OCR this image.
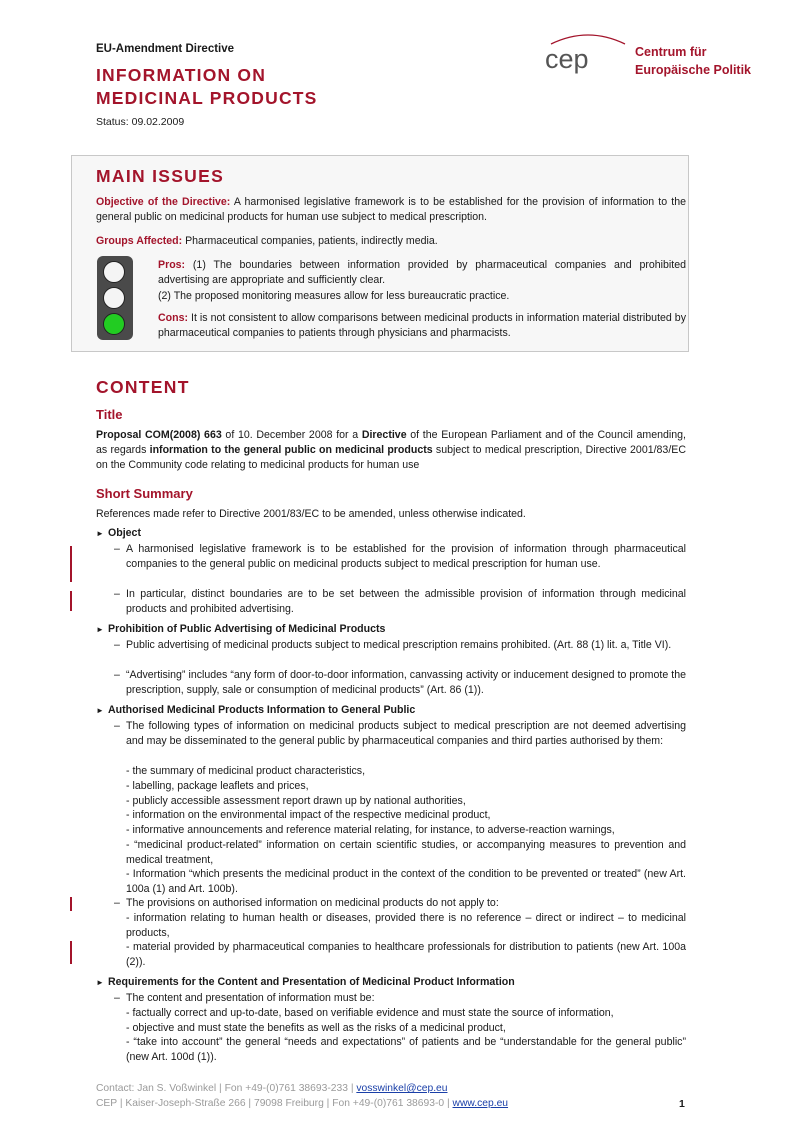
EU-Amendment Directive
INFORMATION ON
MEDICINAL PRODUCTS
Status: 09.02.2009
cep	Centrum für
Europäische Politik
MAIN ISSUES
Objective of the Directive: A harmonised legislative framework is to be established for the provision of information to the general public on medicinal products for human use subject to medical prescription.
Groups Affected: Pharmaceutical companies, patients, indirectly media.
Pros: (1) The boundaries between information provided by pharmaceutical companies and prohibited advertising are appropriate and sufficiently clear.
(2) The proposed monitoring measures allow for less bureaucratic practice.
Cons: It is not consistent to allow comparisons between medicinal products in information material distributed by pharmaceutical companies to patients through physicians and pharmacists.
CONTENT
Title
Proposal COM(2008) 663 of 10. December 2008 for a Directive of the European Parliament and of the Council amending, as regards information to the general public on medicinal products subject to medical prescription, Directive 2001/83/EC on the Community code relating to medicinal products for human use
Short Summary
References made refer to Directive 2001/83/EC to be amended, unless otherwise indicated.
► Object
– A harmonised legislative framework is to be established for the provision of information through pharmaceutical companies to the general public on medicinal products subject to medical prescription for human use.
– In particular, distinct boundaries are to be set between the admissible provision of information through medicinal products and prohibited advertising.
► Prohibition of Public Advertising of Medicinal Products
– Public advertising of medicinal products subject to medical prescription remains prohibited. (Art. 88 (1) lit. a, Title VI).
– “Advertising” includes “any form of door-to-door information, canvassing activity or inducement designed to promote the prescription, supply, sale or consumption of medicinal products” (Art. 86 (1)).
► Authorised Medicinal Products Information to General Public
– The following types of information on medicinal products subject to medical prescription are not deemed advertising and may be disseminated to the general public by pharmaceutical companies and third parties authorised by them:
- the summary of medicinal product characteristics,
- labelling, package leaflets and prices,
- publicly accessible assessment report drawn up by national authorities,
- information on the environmental impact of the respective medicinal product,
- informative announcements and reference material relating, for instance, to adverse-reaction warnings,
- “medicinal product-related” information on certain scientific studies, or accompanying measures to prevention and medical treatment,
- Information “which presents the medicinal product in the context of the condition to be prevented or treated” (new Art. 100a (1) and Art. 100b).
– The provisions on authorised information on medicinal products do not apply to:
- information relating to human health or diseases, provided there is no reference – direct or indirect – to medicinal products,
- material provided by pharmaceutical companies to healthcare professionals for distribution to patients (new Art. 100a (2)).
► Requirements for the Content and Presentation of Medicinal Product Information
– The content and presentation of information must be:
- factually correct and up-to-date, based on verifiable evidence and must state the source of information,
- objective and must state the benefits as well as the risks of a medicinal product,
- “take into account” the general “needs and expectations” of patients and be “understandable for the general public” (new Art. 100d (1)).
Contact: Jan S. Voßwinkel | Fon +49-(0)761 38693-233 | vosswinkel@cep.eu
CEP | Kaiser-Joseph-Straße 266 | 79098 Freiburg | Fon +49-(0)761 38693-0 | www.cep.eu	1
